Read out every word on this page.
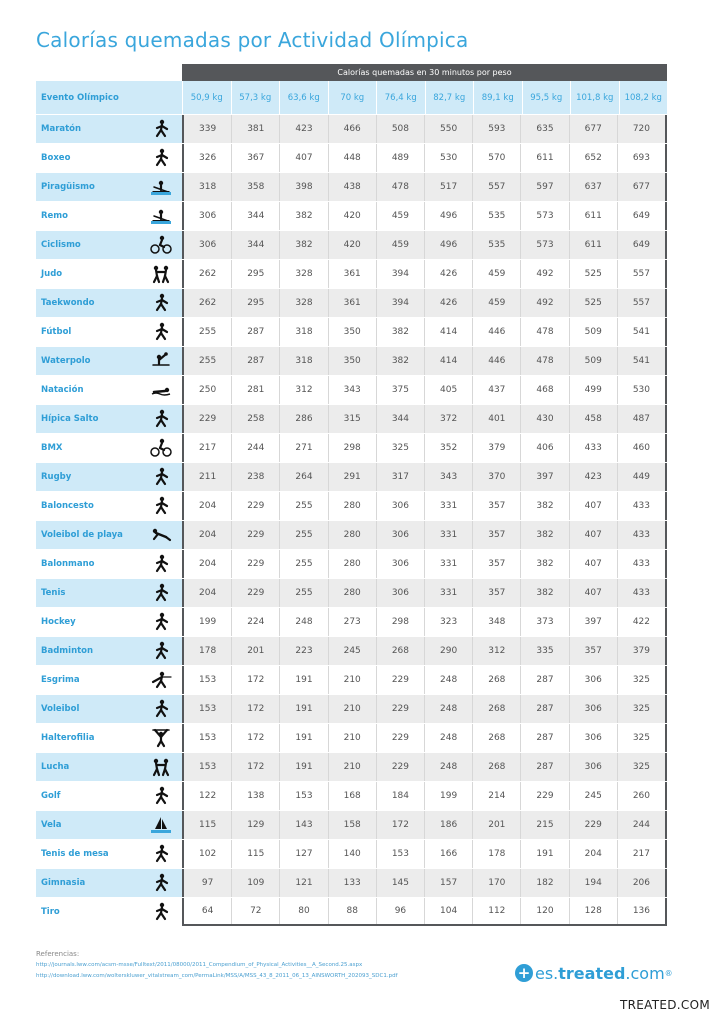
Calorías quemadas por Actividad Olímpica
Calorías quemadas en 30 minutos por peso
Evento Olímpico	50,9 kg	57,3 kg	63,6 kg	70 kg	76,4 kg	82,7 kg	89,1 kg	95,5 kg	101,8 kg	108,2 kg
Maratón	339	381	423	466	508	550	593	635	677	720
Boxeo	326	367	407	448	489	530	570	611	652	693
Piragüismo	318	358	398	438	478	517	557	597	637	677
Remo	306	344	382	420	459	496	535	573	611	649
Ciclismo	306	344	382	420	459	496	535	573	611	649
Judo	262	295	328	361	394	426	459	492	525	557
Taekwondo	262	295	328	361	394	426	459	492	525	557
Fútbol	255	287	318	350	382	414	446	478	509	541
Waterpolo	255	287	318	350	382	414	446	478	509	541
Natación	250	281	312	343	375	405	437	468	499	530
Hípica Salto	229	258	286	315	344	372	401	430	458	487
BMX	217	244	271	298	325	352	379	406	433	460
Rugby	211	238	264	291	317	343	370	397	423	449
Baloncesto	204	229	255	280	306	331	357	382	407	433
Voleibol de playa	204	229	255	280	306	331	357	382	407	433
Balonmano	204	229	255	280	306	331	357	382	407	433
Tenis	204	229	255	280	306	331	357	382	407	433
Hockey	199	224	248	273	298	323	348	373	397	422
Badminton	178	201	223	245	268	290	312	335	357	379
Esgrima	153	172	191	210	229	248	268	287	306	325
Voleibol	153	172	191	210	229	248	268	287	306	325
Halterofilia	153	172	191	210	229	248	268	287	306	325
Lucha	153	172	191	210	229	248	268	287	306	325
Golf	122	138	153	168	184	199	214	229	245	260
Vela	115	129	143	158	172	186	201	215	229	244
Tenis de mesa	102	115	127	140	153	166	178	191	204	217
Gimnasia	97	109	121	133	145	157	170	182	194	206
Tiro	64	72	80	88	96	104	112	120	128	136
Referencias:
http://journals.lww.com/acsm-msse/Fulltext/2011/08000/2011_Compendium_of_Physical_Activities__A_Second.25.aspx
http://download.lww.com/wolterskluwer_vitalstream_com/PermaLink/MSS/A/MSS_43_8_2011_06_13_AINSWORTH_202093_SDC1.pdf	+ es. treated .com ®
TREATED.COM
